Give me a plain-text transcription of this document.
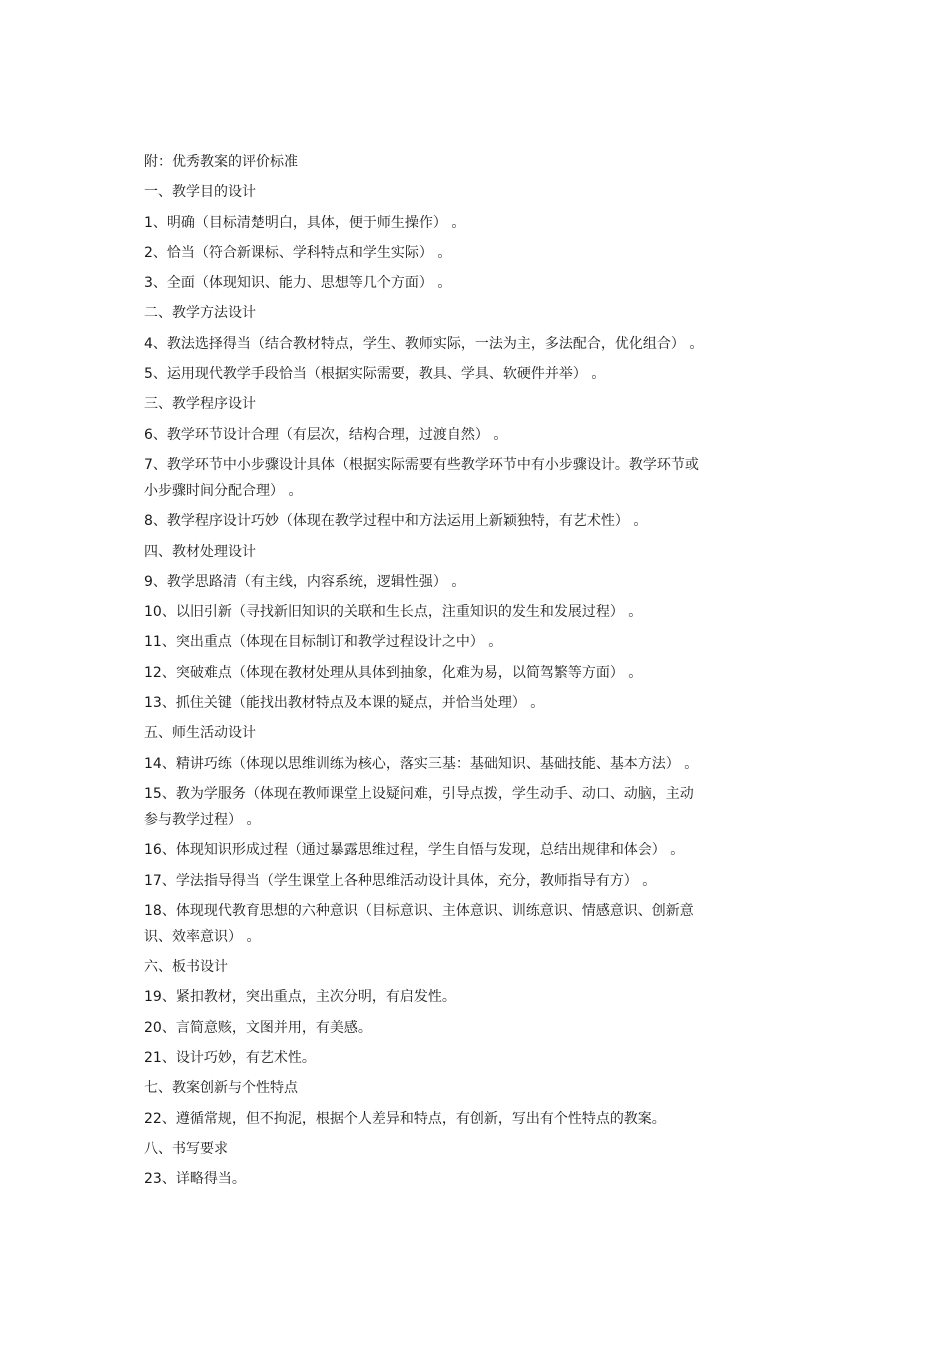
附：优秀教案的评价标准

一、教学目的设计

1、明确（目标清楚明白，具体，便于师生操作） 。

2、恰当（符合新课标、学科特点和学生实际） 。

3、全面（体现知识、能力、思想等几个方面） 。

二、教学方法设计

4、教法选择得当（结合教材特点，学生、教师实际，一法为主，多法配合，优化组合） 。

5、运用现代教学手段恰当（根据实际需要，教具、学具、软硬件并举） 。

三、教学程序设计

6、教学环节设计合理（有层次，结构合理，过渡自然） 。

7、教学环节中小步骤设计具体（根据实际需要有些教学环节中有小步骤设计。教学环节或

小步骤时间分配合理） 。

8、教学程序设计巧妙（体现在教学过程中和方法运用上新颖独特，有艺术性） 。

四、教材处理设计

9、教学思路清（有主线，内容系统，逻辑性强） 。

10、以旧引新（寻找新旧知识的关联和生长点，注重知识的发生和发展过程） 。

11、突出重点（体现在目标制订和教学过程设计之中） 。

12、突破难点（体现在教材处理从具体到抽象，化难为易，以简驾繁等方面） 。

13、抓住关键（能找出教材特点及本课的疑点，并恰当处理） 。

五、师生活动设计

14、精讲巧练（体现以思维训练为核心，落实三基：基础知识、基础技能、基本方法） 。

15、教为学服务（体现在教师课堂上设疑问难，引导点拨，学生动手、动口、动脑，主动

参与教学过程） 。

16、体现知识形成过程（通过暴露思维过程，学生自悟与发现，总结出规律和体会） 。

17、学法指导得当（学生课堂上各种思维活动设计具体，充分，教师指导有方） 。

18、体现现代教育思想的六种意识（目标意识、主体意识、训练意识、情感意识、创新意

识、效率意识） 。

六、板书设计

19、紧扣教材，突出重点，主次分明，有启发性。

20、言简意赅，文图并用，有美感。

21、设计巧妙，有艺术性。

七、教案创新与个性特点

22、遵循常规，但不拘泥，根据个人差异和特点，有创新，写出有个性特点的教案。

八、书写要求

23、详略得当。
